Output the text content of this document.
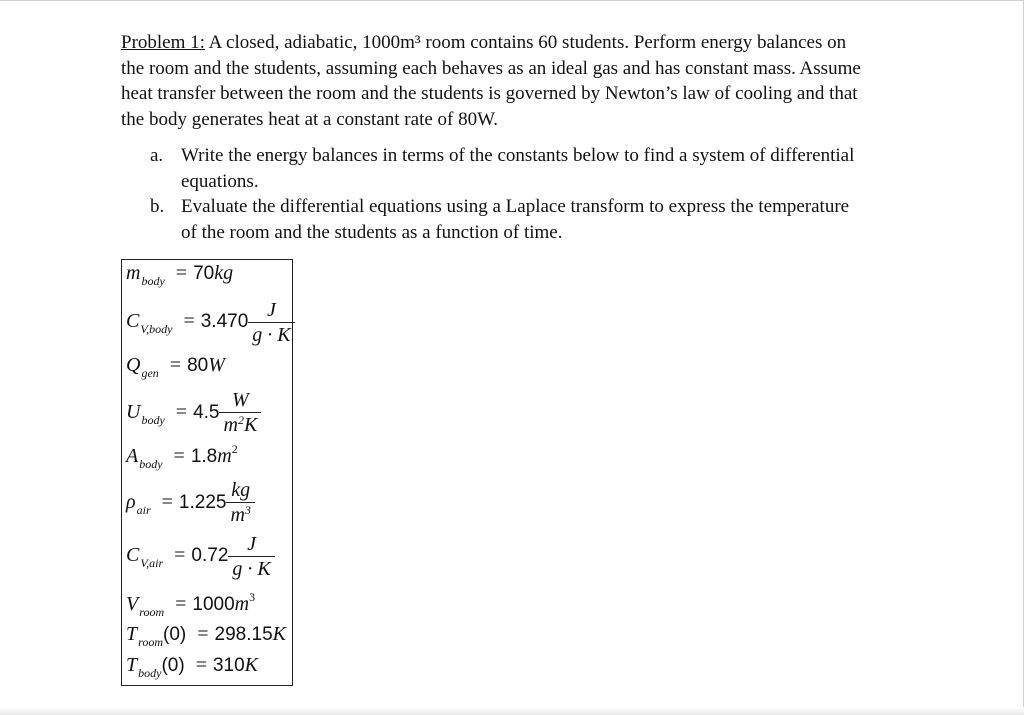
Problem 1: A closed, adiabatic, 1000m³ room contains 60 students. Perform energy balances on
the room and the students, assuming each behaves as an ideal gas and has constant mass. Assume
heat transfer between the room and the students is governed by Newton’s law of cooling and that
the body generates heat at a constant rate of 80W.
a. Write the energy balances in terms of the constants below to find a system of differential
equations.
b. Evaluate the differential equations using a Laplace transform to express the temperature
of the room and the students as a function of time.
$m_{body} = 70kg$
$C_{V,body} = 3.470 \frac{J}{g \cdot K}$
$Q_{gen} = 80W$
$U_{body} = 4.5 \frac{W}{m^2K}$
$A_{body} = 1.8m^2$
$\rho_{air} = 1.225 \frac{kg}{m^3}$
$C_{V,air} = 0.72 \frac{J}{g \cdot K}$
$V_{room} = 1000m^3$
$T_{room}(0) = 298.15K$
$T_{body}(0) = 310K$
